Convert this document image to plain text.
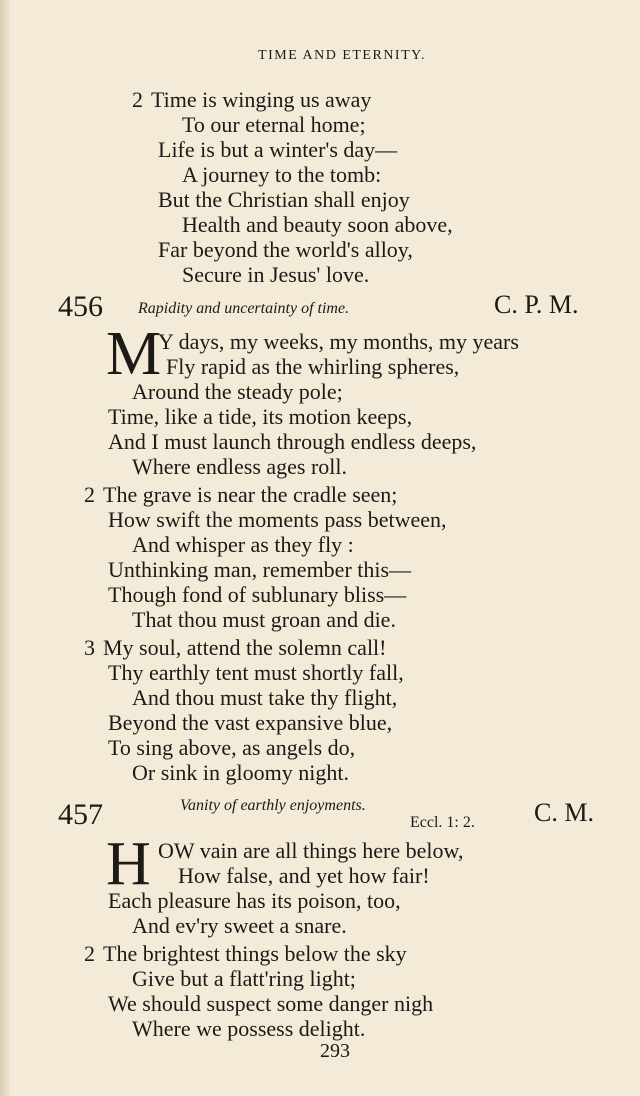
TIME AND ETERNITY.
2 Time is winging us away
To our eternal home;
Life is but a winter's day—
A journey to the tomb:
But the Christian shall enjoy
Health and beauty soon above,
Far beyond the world's alloy,
Secure in Jesus' love.
456 Rapidity and uncertainty of time.	C. P. M.
M
Y days, my weeks, my months, my years
Fly rapid as the whirling spheres,
Around the steady pole;
Time, like a tide, its motion keeps,
And I must launch through endless deeps,
Where endless ages roll.
2 The grave is near the cradle seen;
How swift the moments pass between,
And whisper as they fly :
Unthinking man, remember this—
Though fond of sublunary bliss—
That thou must groan and die.
3 My soul, attend the solemn call!
Thy earthly tent must shortly fall,
And thou must take thy flight,
Beyond the vast expansive blue,
To sing above, as angels do,
Or sink in gloomy night.
457	Vanity of earthly enjoyments.
Eccl. 1: 2. C. M.
H OW vain are all things here below,
How false, and yet how fair!
Each pleasure has its poison, too,
And ev'ry sweet a snare.
2 The brightest things below the sky
Give but a flatt'ring light;
We should suspect some danger nigh
Where we possess delight.
293
